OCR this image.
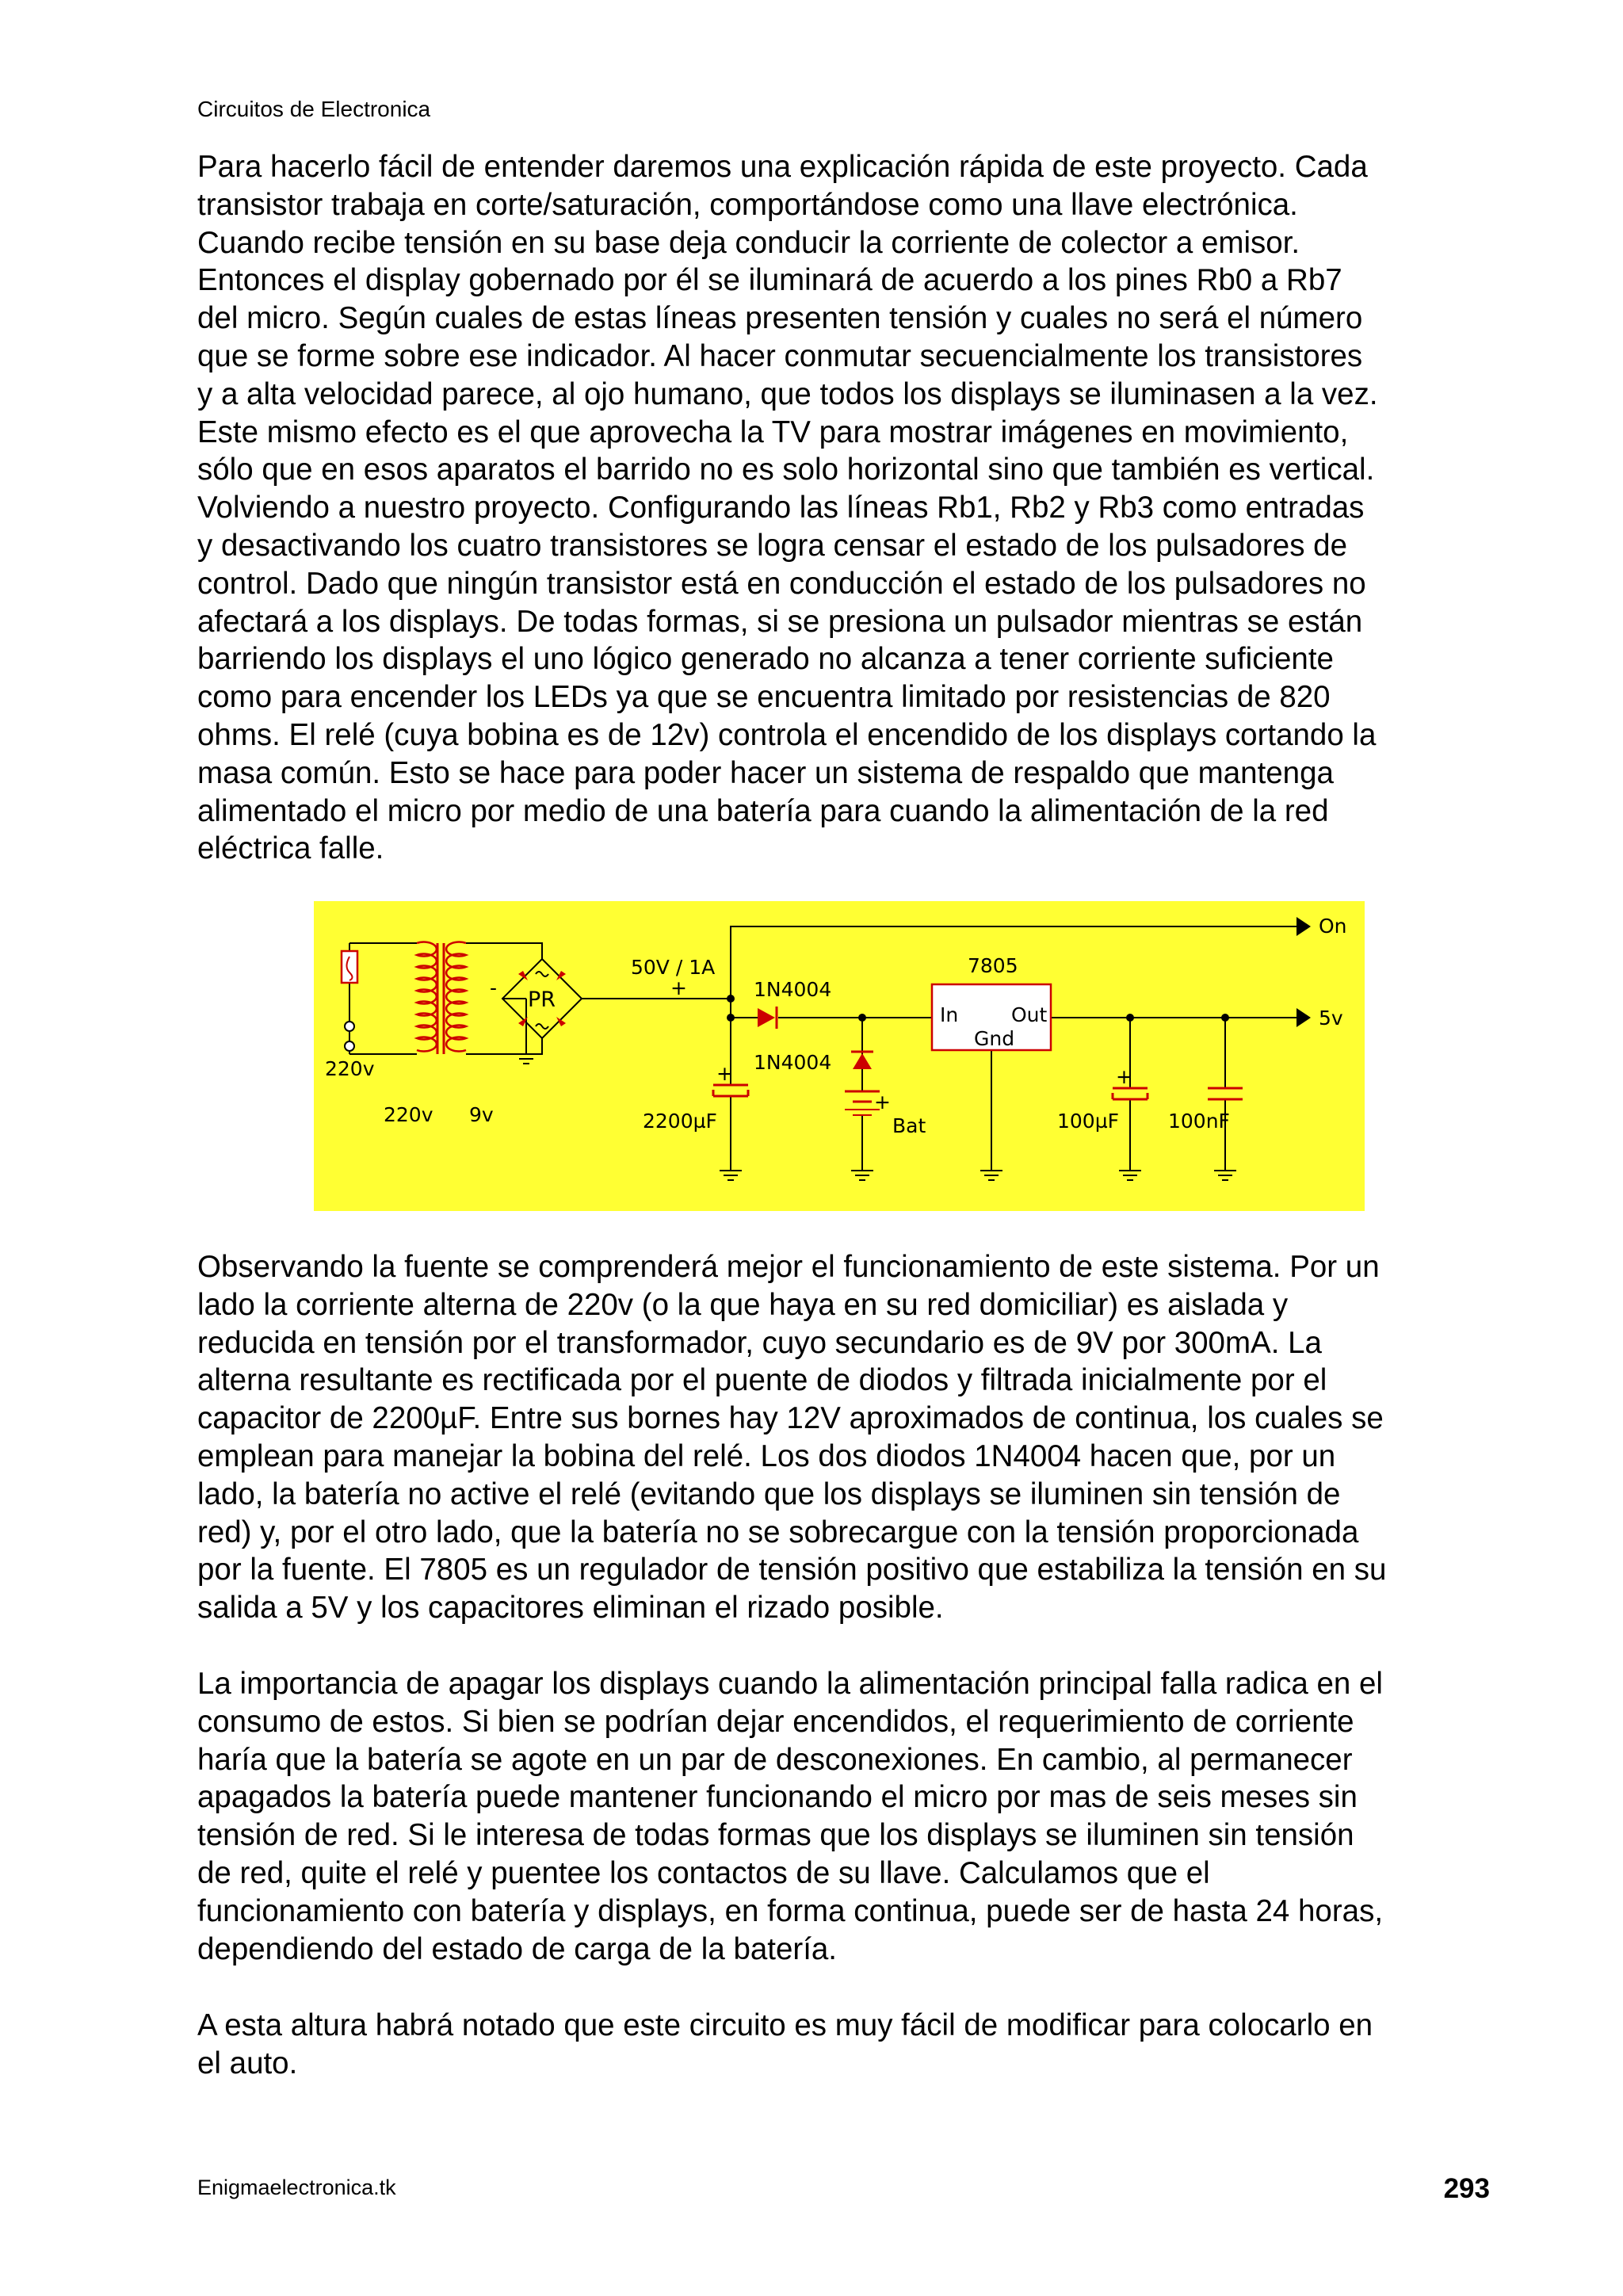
Circuitos de Electronica
Para hacerlo fácil de entender daremos una explicación rápida de este proyecto. Cada
transistor trabaja en corte/saturación, comportándose como una llave electrónica.
Cuando recibe tensión en su base deja conducir la corriente de colector a emisor.
Entonces el display gobernado por él se iluminará de acuerdo a los pines Rb0 a Rb7
del micro. Según cuales de estas líneas presenten tensión y cuales no será el número
que se forme sobre ese indicador. Al hacer conmutar secuencialmente los transistores
y a alta velocidad parece, al ojo humano, que todos los displays se iluminasen a la vez.
Este mismo efecto es el que aprovecha la TV para mostrar imágenes en movimiento,
sólo que en esos aparatos el barrido no es solo horizontal sino que también es vertical.
Volviendo a nuestro proyecto. Configurando las líneas Rb1, Rb2 y Rb3 como entradas
y desactivando los cuatro transistores se logra censar el estado de los pulsadores de
control. Dado que ningún transistor está en conducción el estado de los pulsadores no
afectará a los displays. De todas formas, si se presiona un pulsador mientras se están
barriendo los displays el uno lógico generado no alcanza a tener corriente suficiente
como para encender los LEDs ya que se encuentra limitado por resistencias de 820
ohms. El relé (cuya bobina es de 12v) controla el encendido de los displays cortando la
masa común. Esto se hace para poder hacer un sistema de respaldo que mantenga
alimentado el micro por medio de una batería para cuando la alimentación de la red
eléctrica falle.
+	+
On
5v
220v
220v 9v
50V / 1A
PR
-	+	1N4004
1N4004
7805
In	Out
Gnd
2200µF	Bat
+
100µF 100nF
Observando la fuente se comprenderá mejor el funcionamiento de este sistema. Por un
lado la corriente alterna de 220v (o la que haya en su red domiciliar) es aislada y
reducida en tensión por el transformador, cuyo secundario es de 9V por 300mA. La
alterna resultante es rectificada por el puente de diodos y filtrada inicialmente por el
capacitor de 2200µF. Entre sus bornes hay 12V aproximados de continua, los cuales se
emplean para manejar la bobina del relé. Los dos diodos 1N4004 hacen que, por un
lado, la batería no active el relé (evitando que los displays se iluminen sin tensión de
red) y, por el otro lado, que la batería no se sobrecargue con la tensión proporcionada
por la fuente. El 7805 es un regulador de tensión positivo que estabiliza la tensión en su
salida a 5V y los capacitores eliminan el rizado posible.
La importancia de apagar los displays cuando la alimentación principal falla radica en el
consumo de estos. Si bien se podrían dejar encendidos, el requerimiento de corriente
haría que la batería se agote en un par de desconexiones. En cambio, al permanecer
apagados la batería puede mantener funcionando el micro por mas de seis meses sin
tensión de red. Si le interesa de todas formas que los displays se iluminen sin tensión
de red, quite el relé y puentee los contactos de su llave. Calculamos que el
funcionamiento con batería y displays, en forma continua, puede ser de hasta 24 horas,
dependiendo del estado de carga de la batería.
A esta altura habrá notado que este circuito es muy fácil de modificar para colocarlo en
el auto.
Enigmaelectronica.tk	293
